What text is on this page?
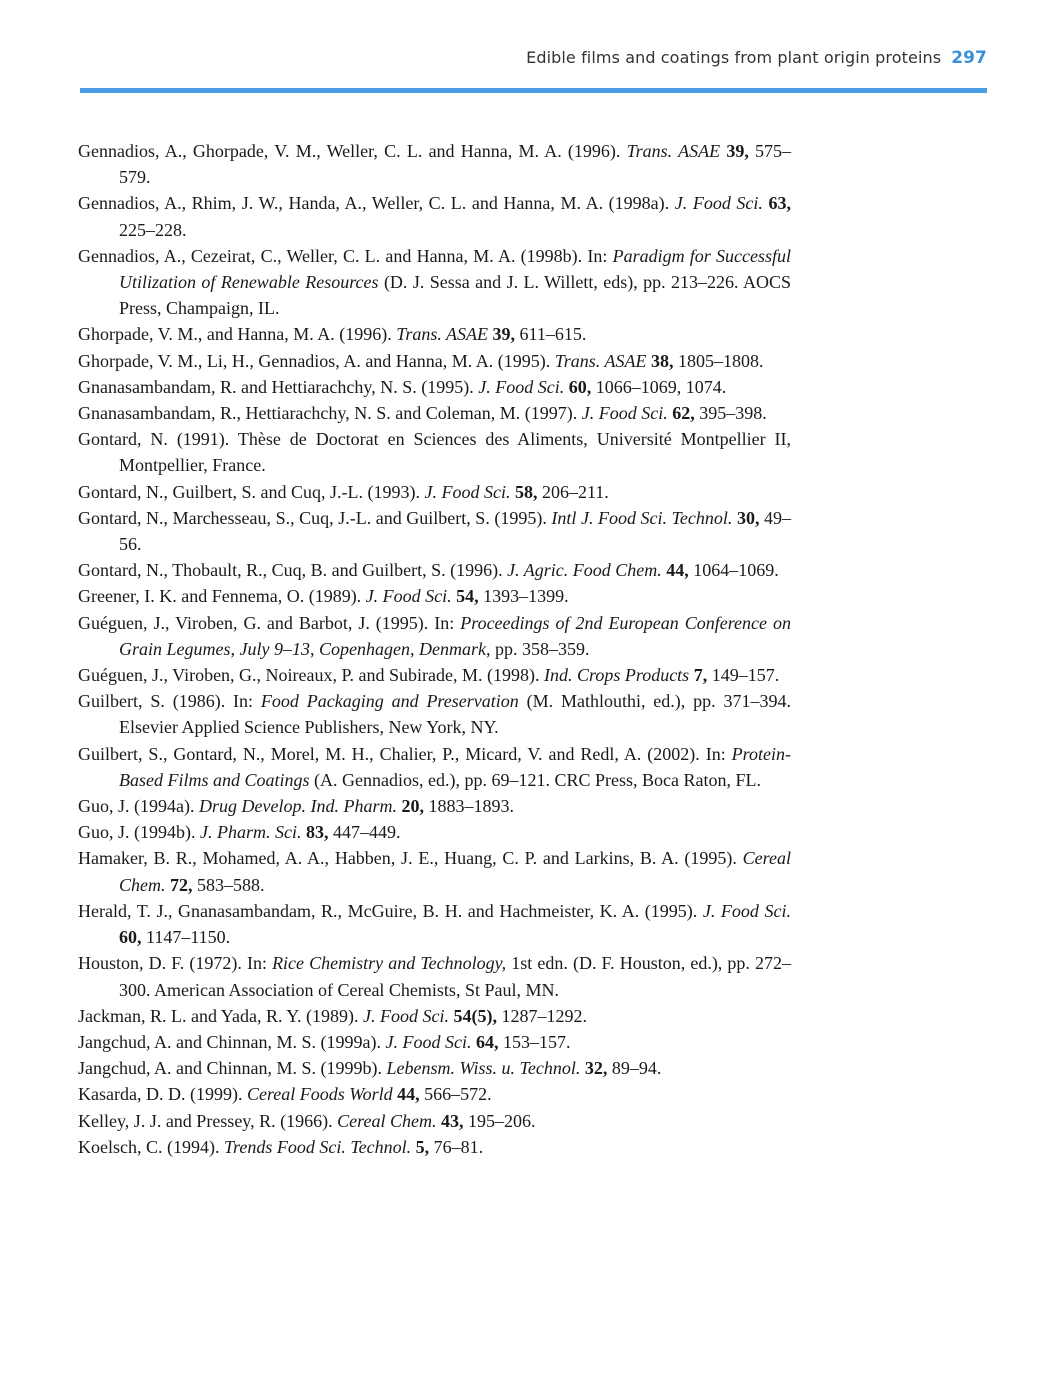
Edible films and coatings from plant origin proteins 297

Gennadios, A., Ghorpade, V. M., Weller, C. L. and Hanna, M. A. (1996). Trans. ASAE 39, 575–579.

Gennadios, A., Rhim, J. W., Handa, A., Weller, C. L. and Hanna, M. A. (1998a). J. Food Sci. 63, 225–228.

Gennadios, A., Cezeirat, C., Weller, C. L. and Hanna, M. A. (1998b). In: Paradigm for Successful Utilization of Renewable Resources (D. J. Sessa and J. L. Willett, eds), pp. 213–226. AOCS Press, Champaign, IL.

Ghorpade, V. M., and Hanna, M. A. (1996). Trans. ASAE 39, 611–615.

Ghorpade, V. M., Li, H., Gennadios, A. and Hanna, M. A. (1995). Trans. ASAE 38, 1805–1808.

Gnanasambandam, R. and Hettiarachchy, N. S. (1995). J. Food Sci. 60, 1066–1069, 1074.

Gnanasambandam, R., Hettiarachchy, N. S. and Coleman, M. (1997). J. Food Sci. 62, 395–398.

Gontard, N. (1991). Thèse de Doctorat en Sciences des Aliments, Université Montpellier II, Montpellier, France.

Gontard, N., Guilbert, S. and Cuq, J.-L. (1993). J. Food Sci. 58, 206–211.

Gontard, N., Marchesseau, S., Cuq, J.-L. and Guilbert, S. (1995). Intl J. Food Sci. Technol. 30, 49–56.

Gontard, N., Thobault, R., Cuq, B. and Guilbert, S. (1996). J. Agric. Food Chem. 44, 1064–1069.

Greener, I. K. and Fennema, O. (1989). J. Food Sci. 54, 1393–1399.

Guéguen, J., Viroben, G. and Barbot, J. (1995). In: Proceedings of 2nd European Conference on Grain Legumes, July 9–13, Copenhagen, Denmark, pp. 358–359.

Guéguen, J., Viroben, G., Noireaux, P. and Subirade, M. (1998). Ind. Crops Products 7, 149–157.

Guilbert, S. (1986). In: Food Packaging and Preservation (M. Mathlouthi, ed.), pp. 371–394. Elsevier Applied Science Publishers, New York, NY.

Guilbert, S., Gontard, N., Morel, M. H., Chalier, P., Micard, V. and Redl, A. (2002). In: Protein-Based Films and Coatings (A. Gennadios, ed.), pp. 69–121. CRC Press, Boca Raton, FL.

Guo, J. (1994a). Drug Develop. Ind. Pharm. 20, 1883–1893.

Guo, J. (1994b). J. Pharm. Sci. 83, 447–449.

Hamaker, B. R., Mohamed, A. A., Habben, J. E., Huang, C. P. and Larkins, B. A. (1995). Cereal Chem. 72, 583–588.

Herald, T. J., Gnanasambandam, R., McGuire, B. H. and Hachmeister, K. A. (1995). J. Food Sci. 60, 1147–1150.

Houston, D. F. (1972). In: Rice Chemistry and Technology, 1st edn. (D. F. Houston, ed.), pp. 272–300. American Association of Cereal Chemists, St Paul, MN.

Jackman, R. L. and Yada, R. Y. (1989). J. Food Sci. 54(5), 1287–1292.

Jangchud, A. and Chinnan, M. S. (1999a). J. Food Sci. 64, 153–157.

Jangchud, A. and Chinnan, M. S. (1999b). Lebensm. Wiss. u. Technol. 32, 89–94.

Kasarda, D. D. (1999). Cereal Foods World 44, 566–572.

Kelley, J. J. and Pressey, R. (1966). Cereal Chem. 43, 195–206.

Koelsch, C. (1994). Trends Food Sci. Technol. 5, 76–81.
